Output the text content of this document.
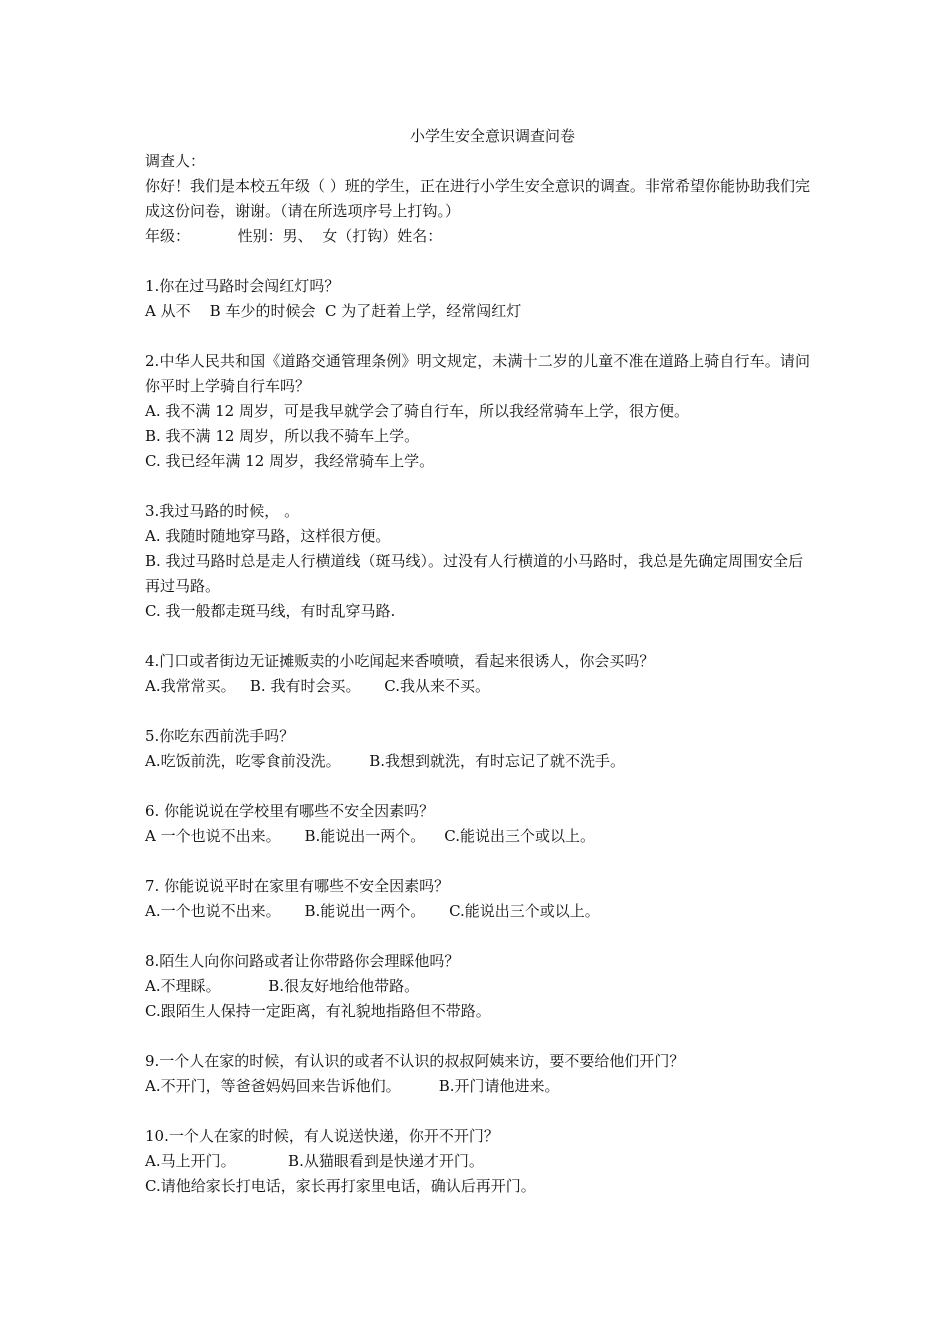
小学生安全意识调查问卷

调查人：

你好！我们是本校五年级（ ）班的学生，正在进行小学生安全意识的调查。非常希望你能协助我们完成这份问卷，谢谢。（请在所选项序号上打钩。）

年级：          性别：男、  女（打钩）姓名：

1.你在过马路时会闯红灯吗？

A 从不    B 车少的时候会  C 为了赶着上学，经常闯红灯

2.中华人民共和国《道路交通管理条例》明文规定，未满十二岁的儿童不准在道路上骑自行车。请问你平时上学骑自行车吗？

A. 我不满 12 周岁，可是我早就学会了骑自行车，所以我经常骑车上学，很方便。

B. 我不满 12 周岁，所以我不骑车上学。

C. 我已经年满 12 周岁，我经常骑车上学。

3.我过马路的时候， 。

A. 我随时随地穿马路，这样很方便。

B. 我过马路时总是走人行横道线（斑马线）。过没有人行横道的小马路时，我总是先确定周围安全后再过马路。

C. 我一般都走斑马线，有时乱穿马路.

4.门口或者街边无证摊贩卖的小吃闻起来香喷喷，看起来很诱人，你会买吗？

A.我常常买。   B. 我有时会买。     C.我从来不买。

5.你吃东西前洗手吗？

A.吃饭前洗，吃零食前没洗。      B.我想到就洗，有时忘记了就不洗手。

6. 你能说说在学校里有哪些不安全因素吗？

A 一个也说不出来。     B.能说出一两个。    C.能说出三个或以上。

7. 你能说说平时在家里有哪些不安全因素吗？

A.一个也说不出来。     B.能说出一两个。     C.能说出三个或以上。

8.陌生人向你问路或者让你带路你会理睬他吗？

A.不理睬。          B.很友好地给他带路。

C.跟陌生人保持一定距离，有礼貌地指路但不带路。

9.一个人在家的时候，有认识的或者不认识的叔叔阿姨来访，要不要给他们开门？

A.不开门，等爸爸妈妈回来告诉他们。        B.开门请他进来。

10.一个人在家的时候，有人说送快递，你开不开门？

A.马上开门。           B.从猫眼看到是快递才开门。

C.请他给家长打电话，家长再打家里电话，确认后再开门。
